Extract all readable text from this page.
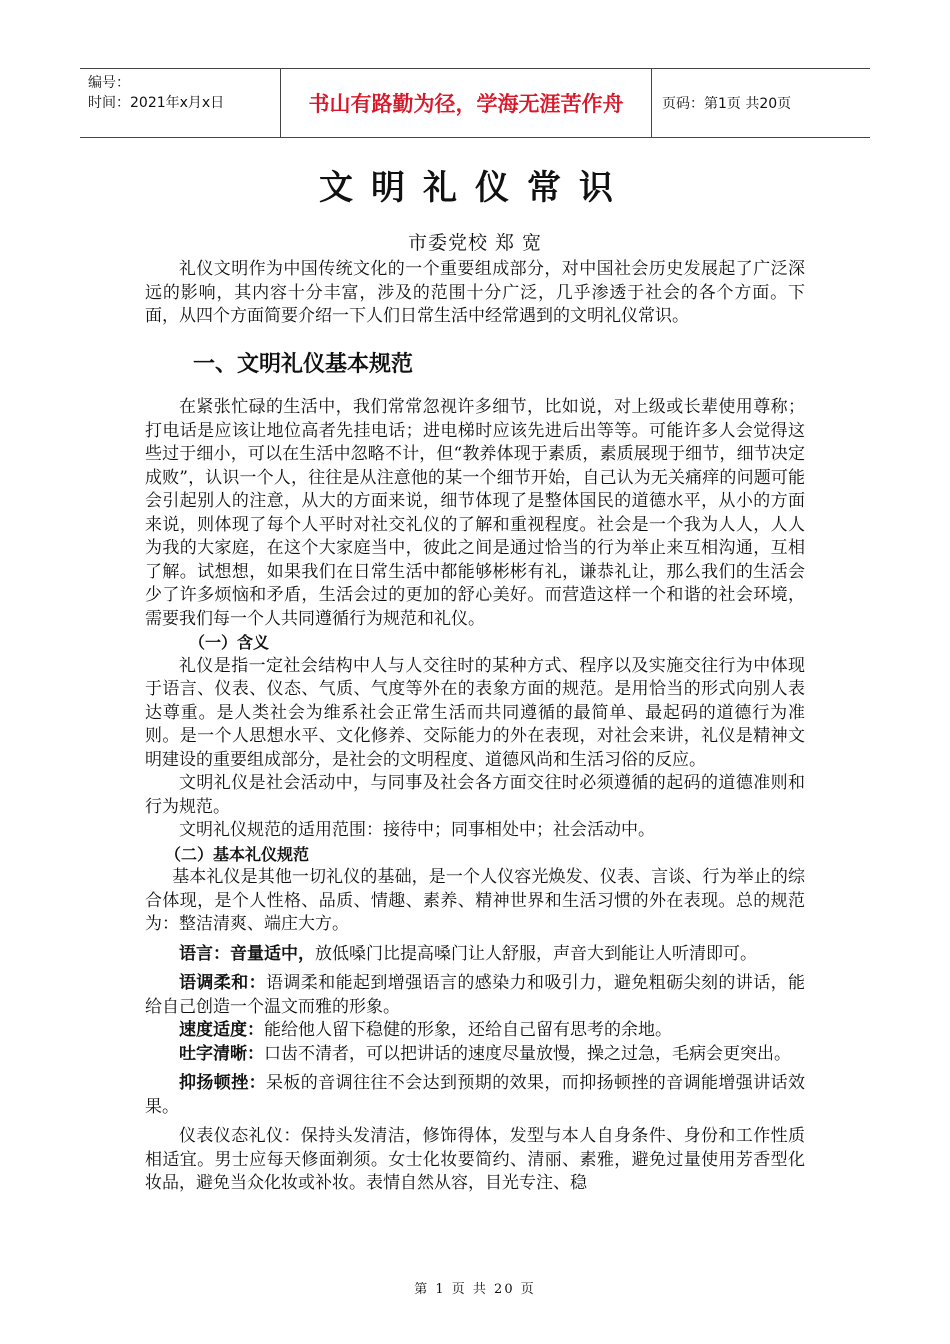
编号：
时间：2021年x月x日	书山有路勤为径，学海无涯苦作舟	页码：第1页 共20页
文明礼仪常识
市委党校 郑 宽

礼仪文明作为中国传统文化的一个重要组成部分，对中国社会历史发展起了广泛深远的影响，其内容十分丰富，涉及的范围十分广泛，几乎渗透于社会的各个方面。下面，从四个方面简要介绍一下人们日常生活中经常遇到的文明礼仪常识。

一、文明礼仪基本规范

在紧张忙碌的生活中，我们常常忽视许多细节，比如说，对上级或长辈使用尊称；打电话是应该让地位高者先挂电话；进电梯时应该先进后出等等。可能许多人会觉得这些过于细小，可以在生活中忽略不计，但“教养体现于素质，素质展现于细节，细节决定成败”，认识一个人，往往是从注意他的某一个细节开始，自己认为无关痛痒的问题可能会引起别人的注意，从大的方面来说，细节体现了是整体国民的道德水平，从小的方面来说，则体现了每个人平时对社交礼仪的了解和重视程度。社会是一个我为人人，人人为我的大家庭，在这个大家庭当中，彼此之间是通过恰当的行为举止来互相沟通，互相了解。试想想，如果我们在日常生活中都能够彬彬有礼，谦恭礼让，那么我们的生活会少了许多烦恼和矛盾，生活会过的更加的舒心美好。而营造这样一个和谐的社会环境，需要我们每一个人共同遵循行为规范和礼仪。

（一）含义

礼仪是指一定社会结构中人与人交往时的某种方式、程序以及实施交往行为中体现于语言、仪表、仪态、气质、气度等外在的表象方面的规范。是用恰当的形式向别人表达尊重。是人类社会为维系社会正常生活而共同遵循的最简单、最起码的道德行为准则。是一个人思想水平、文化修养、交际能力的外在表现，对社会来讲，礼仪是精神文明建设的重要组成部分，是社会的文明程度、道德风尚和生活习俗的反应。

文明礼仪是社会活动中，与同事及社会各方面交往时必须遵循的起码的道德准则和行为规范。

文明礼仪规范的适用范围：接待中；同事相处中；社会活动中。

（二）基本礼仪规范

基本礼仪是其他一切礼仪的基础，是一个人仪容光焕发、仪表、言谈、行为举止的综合体现，是个人性格、品质、情趣、素养、精神世界和生活习惯的外在表现。总的规范为：整洁清爽、端庄大方。

语言：音量适中，放低嗓门比提高嗓门让人舒服，声音大到能让人听清即可。

语调柔和：语调柔和能起到增强语言的感染力和吸引力，避免粗砺尖刻的讲话，能给自己创造一个温文而雅的形象。

速度适度：能给他人留下稳健的形象，还给自己留有思考的余地。

吐字清晰：口齿不清者，可以把讲话的速度尽量放慢，操之过急，毛病会更突出。

抑扬顿挫：呆板的音调往往不会达到预期的效果，而抑扬顿挫的音调能增强讲话效果。

仪表仪态礼仪：保持头发清洁，修饰得体，发型与本人自身条件、身份和工作性质相适宜。男士应每天修面剃须。女士化妆要简约、清丽、素雅，避免过量使用芳香型化妆品，避免当众化妆或补妆。表情自然从容，目光专注、稳

第 1 页 共 20 页
